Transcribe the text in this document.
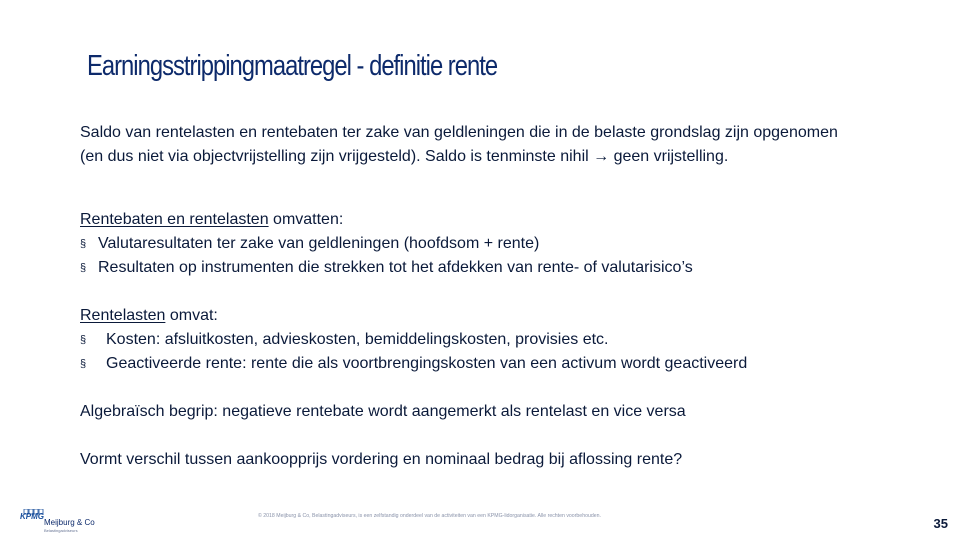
Earningsstrippingmaatregel - definitie rente

Saldo van rentelasten en rentebaten ter zake van geldleningen die in de belaste grondslag zijn opgenomen (en dus niet via objectvrijstelling zijn vrijgesteld). Saldo is tenminste nihil → geen vrijstelling.

Rentebaten en rentelasten omvatten:
§ Valutaresultaten ter zake van geldleningen (hoofdsom + rente)
§ Resultaten op instrumenten die strekken tot het afdekken van rente- of valutarisico’s
Rentelasten omvat:
§	Kosten: afsluitkosten, advieskosten, bemiddelingskosten, provisies etc.
§	Geactiveerde rente: rente die als voortbrengingskosten van een activum wordt geactiveerd

Algebraïsch begrip: negatieve rentebate wordt aangemerkt als rentelast en vice versa

Vormt verschil tussen aankoopprijs vordering en nominaal bedrag bij aflossing rente?

KPMG
Meijburg & Co
Belastingadviseurs
© 2018 Meijburg & Co, Belastingadviseurs, is een zelfstandig onderdeel van de activiteiten van een KPMG-lidorganisatie. Alle rechten voorbehouden.	35
